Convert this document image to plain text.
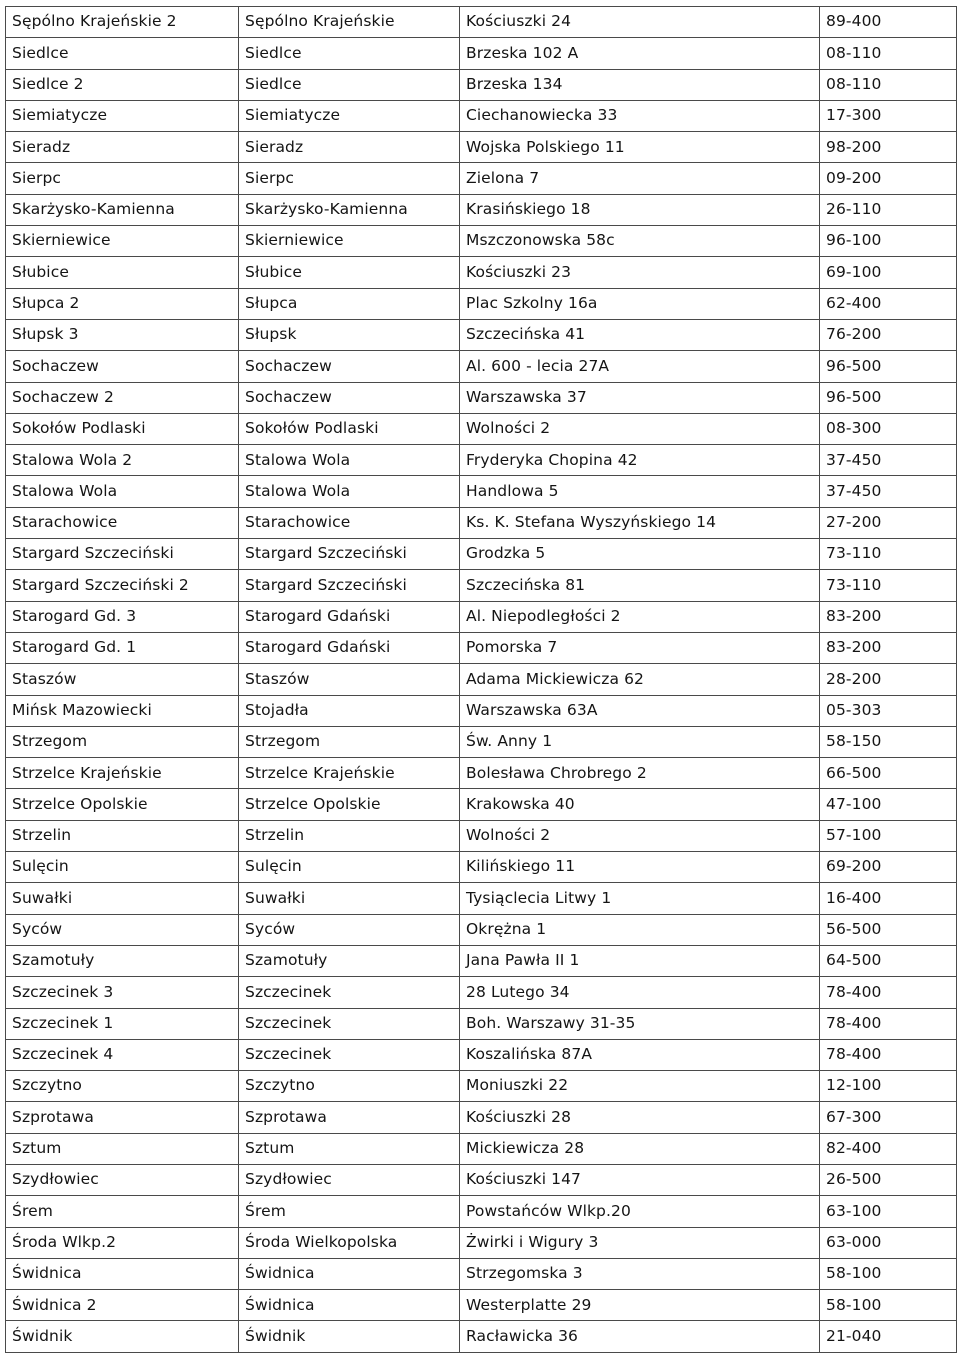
Sępólno Krajeńskie 2	Sępólno Krajeńskie	Kościuszki 24	89-400
Siedlce	Siedlce	Brzeska 102 A	08-110
Siedlce 2	Siedlce	Brzeska 134	08-110
Siemiatycze	Siemiatycze	Ciechanowiecka 33	17-300
Sieradz	Sieradz	Wojska Polskiego 11	98-200
Sierpc	Sierpc	Zielona 7	09-200
Skarżysko-Kamienna	Skarżysko-Kamienna	Krasińskiego 18	26-110
Skierniewice	Skierniewice	Mszczonowska 58c	96-100
Słubice	Słubice	Kościuszki 23	69-100
Słupca 2	Słupca	Plac Szkolny 16a	62-400
Słupsk 3	Słupsk	Szczecińska 41	76-200
Sochaczew	Sochaczew	Al. 600 - lecia 27A	96-500
Sochaczew 2	Sochaczew	Warszawska 37	96-500
Sokołów Podlaski	Sokołów Podlaski	Wolności 2	08-300
Stalowa Wola 2	Stalowa Wola	Fryderyka Chopina 42	37-450
Stalowa Wola	Stalowa Wola	Handlowa 5	37-450
Starachowice	Starachowice	Ks. K. Stefana Wyszyńskiego 14	27-200
Stargard Szczeciński	Stargard Szczeciński	Grodzka 5	73-110
Stargard Szczeciński 2	Stargard Szczeciński	Szczecińska 81	73-110
Starogard Gd. 3	Starogard Gdański	Al. Niepodległości 2	83-200
Starogard Gd. 1	Starogard Gdański	Pomorska 7	83-200
Staszów	Staszów	Adama Mickiewicza 62	28-200
Mińsk Mazowiecki	Stojadła	Warszawska 63A	05-303
Strzegom	Strzegom	Św. Anny 1	58-150
Strzelce Krajeńskie	Strzelce Krajeńskie	Bolesława Chrobrego 2	66-500
Strzelce Opolskie	Strzelce Opolskie	Krakowska 40	47-100
Strzelin	Strzelin	Wolności 2	57-100
Sulęcin	Sulęcin	Kilińskiego 11	69-200
Suwałki	Suwałki	Tysiąclecia Litwy 1	16-400
Syców	Syców	Okrężna 1	56-500
Szamotuły	Szamotuły	Jana Pawła II 1	64-500
Szczecinek 3	Szczecinek	28 Lutego 34	78-400
Szczecinek 1	Szczecinek	Boh. Warszawy 31-35	78-400
Szczecinek 4	Szczecinek	Koszalińska 87A	78-400
Szczytno	Szczytno	Moniuszki 22	12-100
Szprotawa	Szprotawa	Kościuszki 28	67-300
Sztum	Sztum	Mickiewicza 28	82-400
Szydłowiec	Szydłowiec	Kościuszki 147	26-500
Śrem	Śrem	Powstańców Wlkp.20	63-100
Środa Wlkp.2	Środa Wielkopolska	Żwirki i Wigury 3	63-000
Świdnica	Świdnica	Strzegomska 3	58-100
Świdnica 2	Świdnica	Westerplatte 29	58-100
Świdnik	Świdnik	Racławicka 36	21-040
